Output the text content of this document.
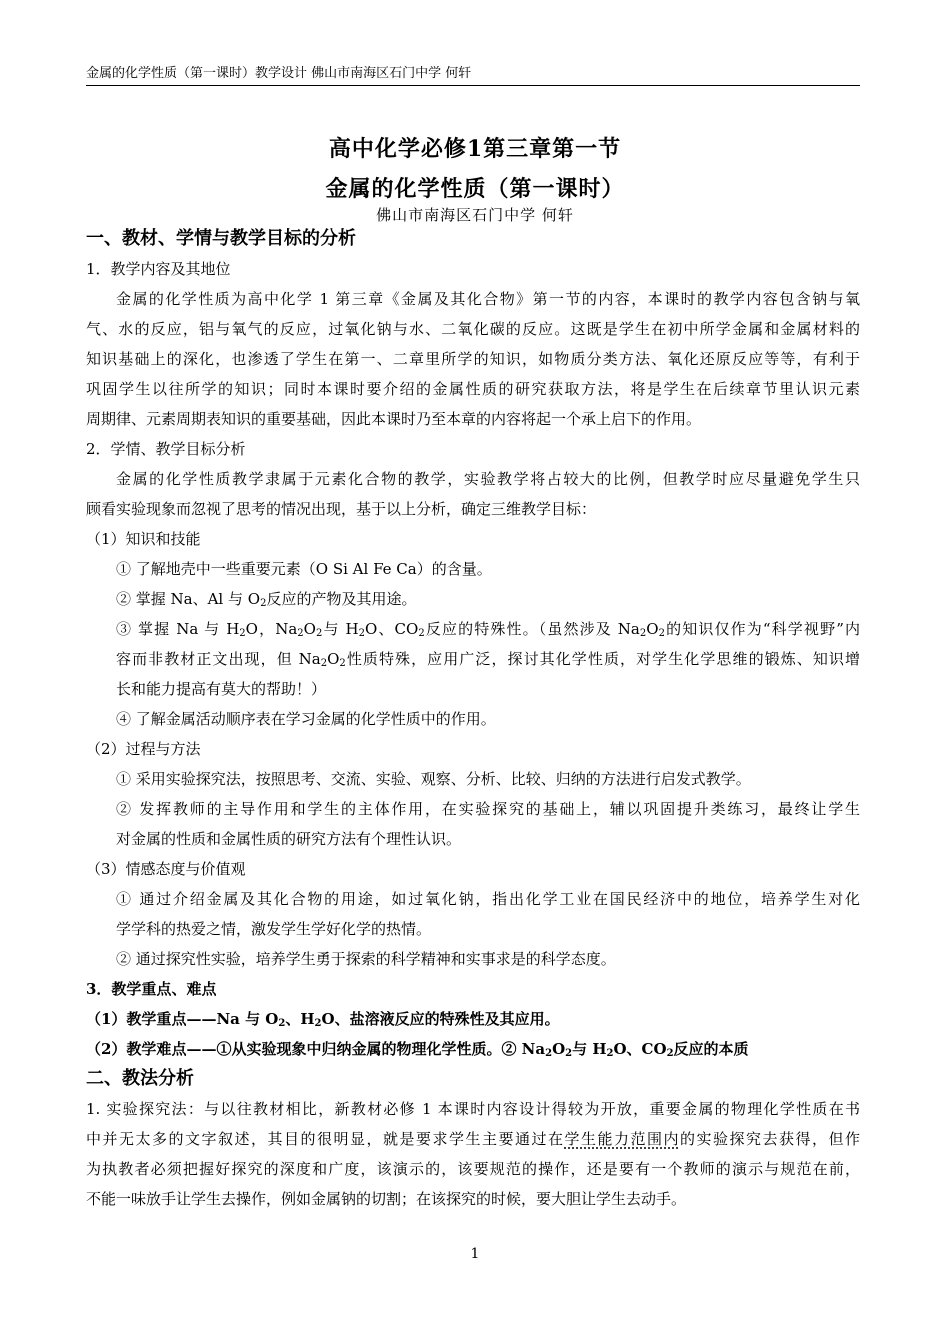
金属的化学性质（第一课时）教学设计 佛山市南海区石门中学 何轩
高中化学必修1第三章第一节
金属的化学性质（第一课时）
佛山市南海区石门中学 何轩
一、教材、学情与教学目标的分析
1．教学内容及其地位
金属的化学性质为高中化学 1 第三章《金属及其化合物》第一节的内容，本课时的教学内容包含钠与氧
气、水的反应，铝与氧气的反应，过氧化钠与水、二氧化碳的反应。这既是学生在初中所学金属和金属材料的
知识基础上的深化，也渗透了学生在第一、二章里所学的知识，如物质分类方法、氧化还原反应等等，有利于
巩固学生以往所学的知识；同时本课时要介绍的金属性质的研究获取方法，将是学生在后续章节里认识元素
周期律、元素周期表知识的重要基础，因此本课时乃至本章的内容将起一个承上启下的作用。
2．学情、教学目标分析
金属的化学性质教学隶属于元素化合物的教学，实验教学将占较大的比例，但教学时应尽量避免学生只
顾看实验现象而忽视了思考的情况出现，基于以上分析，确定三维教学目标：
（1）知识和技能
① 了解地壳中一些重要元素（O Si Al Fe Ca）的含量。
② 掌握 Na、Al 与 $O_2$反应的产物及其用途。
③ 掌握 Na 与 $H_2O$，$Na_2O_2$与 $H_2O$、$CO_2$反应的特殊性。（虽然涉及 $Na_2O_2$的知识仅作为“科学视野”内
容而非教材正文出现，但 $Na_2O_2$性质特殊，应用广泛，探讨其化学性质，对学生化学思维的锻炼、知识增
长和能力提高有莫大的帮助！）
④ 了解金属活动顺序表在学习金属的化学性质中的作用。
（2）过程与方法
① 采用实验探究法，按照思考、交流、实验、观察、分析、比较、归纳的方法进行启发式教学。
② 发挥教师的主导作用和学生的主体作用，在实验探究的基础上，辅以巩固提升类练习，最终让学生
对金属的性质和金属性质的研究方法有个理性认识。
（3）情感态度与价值观
① 通过介绍金属及其化合物的用途，如过氧化钠，指出化学工业在国民经济中的地位，培养学生对化
学学科的热爱之情，激发学生学好化学的热情。
② 通过探究性实验，培养学生勇于探索的科学精神和实事求是的科学态度。
3．教学重点、难点
（1）教学重点——Na 与 $O_2$、$H_2O$、盐溶液反应的特殊性及其应用。
（2）教学难点——①从实验现象中归纳金属的物理化学性质。② $Na_2O_2$与 $H_2O$、$CO_2$反应的本质
二、教法分析
1. 实验探究法：与以往教材相比，新教材必修 1 本课时内容设计得较为开放，重要金属的物理化学性质在书
中并无太多的文字叙述，其目的很明显，就是要求学生主要通过在学生能力范围内的实验探究去获得，但作
为执教者必须把握好探究的深度和广度，该演示的，该要规范的操作，还是要有一个教师的演示与规范在前，
不能一味放手让学生去操作，例如金属钠的切割；在该探究的时候，要大胆让学生去动手。
1
